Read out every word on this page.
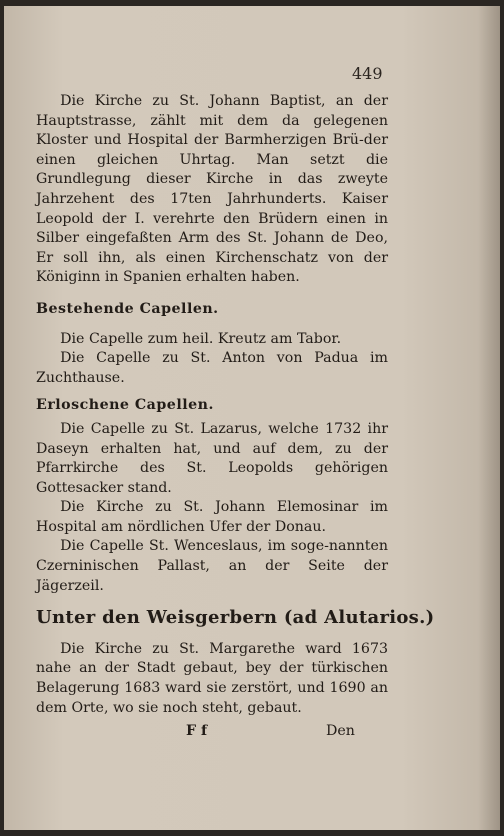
449

Die Kirche zu St. Johann Baptist, an der Hauptstrasse, zählt mit dem da gelegenen Kloster und Hospital der Barmherzigen Brü-der einen gleichen Uhrtag. Man setzt die Grundlegung dieser Kirche in das zweyte Jahrzehent des 17ten Jahrhunderts. Kaiser Leopold der I. verehrte den Brüdern einen in Silber eingefaßten Arm des St. Johann de Deo, Er soll ihn, als einen Kirchenschatz von der Königinn in Spanien erhalten haben.

Bestehende Capellen.

Die Capelle zum heil. Kreutz am Tabor.

Die Capelle zu St. Anton von Padua im Zuchthause.

Erloschene Capellen.

Die Capelle zu St. Lazarus, welche 1732 ihr Daseyn erhalten hat, und auf dem, zu der Pfarrkirche des St. Leopolds gehörigen Gottesacker stand.

Die Kirche zu St. Johann Elemosinar im Hospital am nördlichen Ufer der Donau.

Die Capelle St. Wenceslaus, im soge-nannten Czerninischen Pallast, an der Seite der Jägerzeil.

Unter den Weisgerbern (ad Alutarios.)

Die Kirche zu St. Margarethe ward 1673 nahe an der Stadt gebaut, bey der türkischen Belagerung 1683 ward sie zerstört, und 1690 an dem Orte, wo sie noch steht, gebaut.

F f	Den
